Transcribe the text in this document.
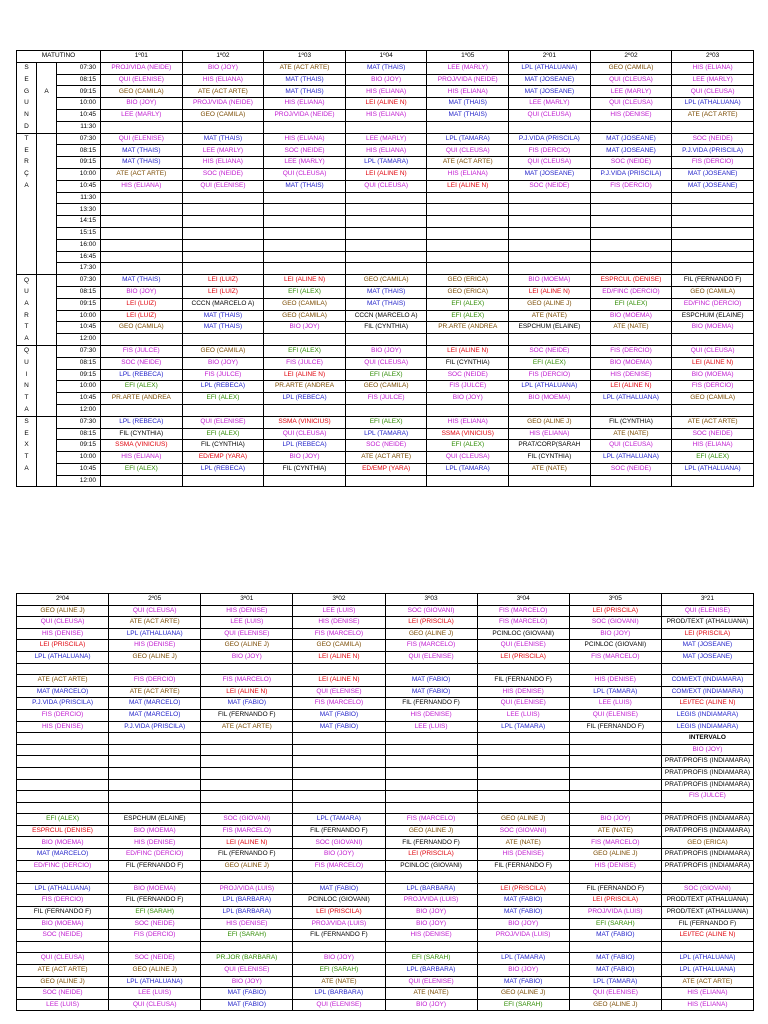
MATUTINO			1º01	1º02	1º03	1º04	1º05	2º01	2º02	2º03
S		07:30	PROJ/VIDA (NEIDE)	BIO (JOY)	ATE (ACT ARTE)	MAT (THAIS)	LEE (MARLY)	LPL (ATHALUANA)	GEO (CAMILA)	HIS (ELIANA)
E		08:15	QUI (ELENISE)	HIS (ELIANA)	MAT (THAIS)	BIO (JOY)	PROJ/VIDA (NEIDE)	MAT (JOSEANE)	QUI (CLEUSA)	LEE (MARLY)
G	A	09:15	GEO (CAMILA)	ATE (ACT ARTE)	MAT (THAIS)	HIS (ELIANA)	HIS (ELIANA)	MAT (JOSEANE)	LEE (MARLY)	QUI (CLEUSA)
U		10:00	BIO (JOY)	PROJ/VIDA (NEIDE)	HIS (ELIANA)	LEI (ALINE N)	MAT (THAIS)	LEE (MARLY)	QUI (CLEUSA)	LPL (ATHALUANA)
N		10:45	LEE (MARLY)	GEO (CAMILA)	PROJ/VIDA (NEIDE)	HIS (ELIANA)	MAT (THAIS)	QUI (CLEUSA)	HIS (DENISE)	ATE (ACT ARTE)
D		11:30								
T		07:30	QUI (ELENISE)	MAT (THAIS)	HIS (ELIANA)	LEE (MARLY)	LPL (TAMARA)	P.J.VIDA (PRISCILA)	MAT (JOSEANE)	SOC (NEIDE)
E		08:15	MAT (THAIS)	LEE (MARLY)	SOC (NEIDE)	HIS (ELIANA)	QUI (CLEUSA)	FIS (DERCIO)	MAT (JOSEANE)	P.J.VIDA (PRISCILA)
R		09:15	MAT (THAIS)	HIS (ELIANA)	LEE (MARLY)	LPL (TAMARA)	ATE (ACT ARTE)	QUI (CLEUSA)	SOC (NEIDE)	FIS (DERCIO)
Ç		10:00	ATE (ACT ARTE)	SOC (NEIDE)	QUI (CLEUSA)	LEI (ALINE N)	HIS (ELIANA)	MAT (JOSEANE)	P.J.VIDA (PRISCILA)	MAT (JOSEANE)
A		10:45	HIS (ELIANA)	QUI (ELENISE)	MAT (THAIS)	QUI (CLEUSA)	LEI (ALINE N)	SOC (NEIDE)	FIS (DERCIO)	MAT (JOSEANE)
		11:30								
		13:30								
		14:15								
		15:15								
		16:00								
		16:45								
		17:30								
Q		07:30	MAT (THAIS)	LEI (LUIZ)	LEI (ALINE N)	GEO (CAMILA)	GEO (ERICA)	BIO (MOEMA)	ESPRCUL (DENISE)	FIL (FERNANDO F)
U		08:15	BIO (JOY)	LEI (LUIZ)	EFI (ALEX)	MAT (THAIS)	GEO (ERICA)	LEI (ALINE N)	ED/FINC (DERCIO)	GEO (CAMILA)
A		09:15	LEI (LUIZ)	CCCN (MARCELO A)	GEO (CAMILA)	MAT (THAIS)	EFI (ALEX)	GEO (ALINE J)	EFI (ALEX)	ED/FINC (DERCIO)
R		10:00	LEI (LUIZ)	MAT (THAIS)	GEO (CAMILA)	CCCN (MARCELO A)	EFI (ALEX)	ATE (NATE)	BIO (MOEMA)	ESPCHUM (ELAINE)
T		10:45	GEO (CAMILA)	MAT (THAIS)	BIO (JOY)	FIL (CYNTHIA)	PR.ARTE (ANDREA	ESPCHUM (ELAINE)	ATE (NATE)	BIO (MOEMA)
A		12:00								
Q		07:30	FIS (JULCE)	GEO (CAMILA)	EFI (ALEX)	BIO (JOY)	LEI (ALINE N)	SOC (NEIDE)	FIS (DERCIO)	QUI (CLEUSA)
U		08:15	SOC (NEIDE)	BIO (JOY)	FIS (JULCE)	QUI (CLEUSA)	FIL (CYNTHIA)	EFI (ALEX)	BIO (MOEMA)	LEI (ALINE N)
I		09:15	LPL (REBECA)	FIS (JULCE)	LEI (ALINE N)	EFI (ALEX)	SOC (NEIDE)	FIS (DERCIO)	HIS (DENISE)	BIO (MOEMA)
N		10:00	EFI (ALEX)	LPL (REBECA)	PR.ARTE (ANDREA	GEO (CAMILA)	FIS (JULCE)	LPL (ATHALUANA)	LEI (ALINE N)	FIS (DERCIO)
T		10:45	PR.ARTE (ANDREA	EFI (ALEX)	LPL (REBECA)	FIS (JULCE)	BIO (JOY)	BIO (MOEMA)	LPL (ATHALUANA)	GEO (CAMILA)
A		12:00								
S		07:30	LPL (REBECA)	QUI (ELENISE)	SSMA (VINICIUS)	EFI (ALEX)	HIS (ELIANA)	GEO (ALINE J)	FIL (CYNTHIA)	ATE (ACT ARTE)
E		08:15	FIL (CYNTHIA)	EFI (ALEX)	QUI (CLEUSA)	LPL (TAMARA)	SSMA (VINICIUS)	HIS (ELIANA)	ATE (NATE)	SOC (NEIDE)
X		09:15	SSMA (VINICIUS)	FIL (CYNTHIA)	LPL (REBECA)	SOC (NEIDE)	EFI (ALEX)	PRAT/CORP(SARAH	QUI (CLEUSA)	HIS (ELIANA)
T		10:00	HIS (ELIANA)	ED/EMP (YARA)	BIO (JOY)	ATE (ACT ARTE)	QUI (CLEUSA)	FIL (CYNTHIA)	LPL (ATHALUANA)	EFI (ALEX)
A		10:45	EFI (ALEX)	LPL (REBECA)	FIL (CYNTHIA)	ED/EMP (YARA)	LPL (TAMARA)	ATE (NATE)	SOC (NEIDE)	LPL (ATHALUANA)
		12:00								
2º04	2º05	3º01	3º02	3º03	3º04	3º05	3º21
GEO (ALINE J)	QUI (CLEUSA)	HIS (DENISE)	LEE (LUIS)	SOC (GIOVANI)	FIS (MARCELO)	LEI (PRISCILA)	QUI (ELENISE)
QUI (CLEUSA)	ATE (ACT ARTE)	LEE (LUIS)	HIS (DENISE)	LEI (PRISCILA)	FIS (MARCELO)	SOC (GIOVANI)	PROD/TEXT (ATHALUANA)
HIS (DENISE)	LPL (ATHALUANA)	QUI (ELENISE)	FIS (MARCELO)	GEO (ALINE J)	PCINLOC (GIOVANI)	BIO (JOY)	LEI (PRISCILA)
LEI (PRISCILA)	HIS (DENISE)	GEO (ALINE J)	GEO (CAMILA)	FIS (MARCELO)	QUI (ELENISE)	PCINLOC (GIOVANI)	MAT (JOSEANE)
LPL (ATHALUANA)	GEO (ALINE J)	BIO (JOY)	LEI (ALINE N)	QUI (ELENISE)	LEI (PRISCILA)	FIS (MARCELO)	MAT (JOSEANE)

ATE (ACT ARTE)	FIS (DERCIO)	FIS (MARCELO)	LEI (ALINE N)	MAT (FABIO)	FIL (FERNANDO F)	HIS (DENISE)	COM/EXT (INDIAMARA)
MAT (MARCELO)	ATE (ACT ARTE)	LEI (ALINE N)	QUI (ELENISE)	MAT (FABIO)	HIS (DENISE)	LPL (TAMARA)	COM/EXT (INDIAMARA)
P.J.VIDA (PRISCILA)	MAT (MARCELO)	MAT (FABIO)	FIS (MARCELO)	FIL (FERNANDO F)	QUI (ELENISE)	LEE (LUIS)	LEI/TEC (ALINE N)
FIS (DERCIO)	MAT (MARCELO)	FIL (FERNANDO F)	MAT (FABIO)	HIS (DENISE)	LEE (LUIS)	QUI (ELENISE)	LEGIS (INDIAMARA)
HIS (DENISE)	P.J.VIDA (PRISCILA)	ATE (ACT ARTE)	MAT (FABIO)	LEE (LUIS)	LPL (TAMARA)	FIL (FERNANDO F)	LEGIS (INDIAMARA)
							INTERVALO
							BIO (JOY)
							PRAT/PROFIS (INDIAMARA)
							PRAT/PROFIS (INDIAMARA)
							PRAT/PROFIS (INDIAMARA)
							FIS (JULCE)

EFI (ALEX)	ESPCHUM (ELAINE)	SOC (GIOVANI)	LPL (TAMARA)	FIS (MARCELO)	GEO (ALINE J)	BIO (JOY)	PRAT/PROFIS (INDIAMARA)
ESPRCUL (DENISE)	BIO (MOEMA)	FIS (MARCELO)	FIL (FERNANDO F)	GEO (ALINE J)	SOC (GIOVANI)	ATE (NATE)	PRAT/PROFIS (INDIAMARA)
BIO (MOEMA)	HIS (DENISE)	LEI (ALINE N)	SOC (GIOVANI)	FIL (FERNANDO F)	ATE (NATE)	FIS (MARCELO)	GEO (ERICA)
MAT (MARCELO)	ED/FINC (DERCIO)	FIL (FERNANDO F)	BIO (JOY)	LEI (PRISCILA)	HIS (DENISE)	GEO (ALINE J)	PRAT/PROFIS (INDIAMARA)
ED/FINC (DERCIO)	FIL (FERNANDO F)	GEO (ALINE J)	FIS (MARCELO)	PCINLOC (GIOVANI)	FIL (FERNANDO F)	HIS (DENISE)	PRAT/PROFIS (INDIAMARA)

LPL (ATHALUANA)	BIO (MOEMA)	PROJ/VIDA (LUIS)	MAT (FABIO)	LPL (BARBARA)	LEI (PRISCILA)	FIL (FERNANDO F)	SOC (GIOVANI)
FIS (DERCIO)	FIL (FERNANDO F)	LPL (BARBARA)	PCINLOC (GIOVANI)	PROJ/VIDA (LUIS)	MAT (FABIO)	LEI (PRISCILA)	PROD/TEXT (ATHALUANA)
FIL (FERNANDO F)	EFI (SARAH)	LPL (BARBARA)	LEI (PRISCILA)	BIO (JOY)	MAT (FABIO)	PROJ/VIDA (LUIS)	PROD/TEXT (ATHALUANA)
BIO (MOEMA)	SOC (NEIDE)	HIS (DENISE)	PROJ/VIDA (LUIS)	BIO (JOY)	BIO (JOY)	EFI (SARAH)	FIL (FERNANDO F)
SOC (NEIDE)	FIS (DERCIO)	EFI (SARAH)	FIL (FERNANDO F)	HIS (DENISE)	PROJ/VIDA (LUIS)	MAT (FABIO)	LEI/TEC (ALINE N)

QUI (CLEUSA)	SOC (NEIDE)	PR.JOR (BARBARA)	BIO (JOY)	EFI (SARAH)	LPL (TAMARA)	MAT (FABIO)	LPL (ATHALUANA)
ATE (ACT ARTE)	GEO (ALINE J)	QUI (ELENISE)	EFI (SARAH)	LPL (BARBARA)	BIO (JOY)	MAT (FABIO)	LPL (ATHALUANA)
GEO (ALINE J)	LPL (ATHALUANA)	BIO (JOY)	ATE (NATE)	QUI (ELENISE)	MAT (FABIO)	LPL (TAMARA)	ATE (ACT ARTE)
SOC (NEIDE)	LEE (LUIS)	MAT (FABIO)	LPL (BARBARA)	ATE (NATE)	GEO (ALINE J)	QUI (ELENISE)	HIS (ELIANA)
LEE (LUIS)	QUI (CLEUSA)	MAT (FABIO)	QUI (ELENISE)	BIO (JOY)	EFI (SARAH)	GEO (ALINE J)	HIS (ELIANA)
